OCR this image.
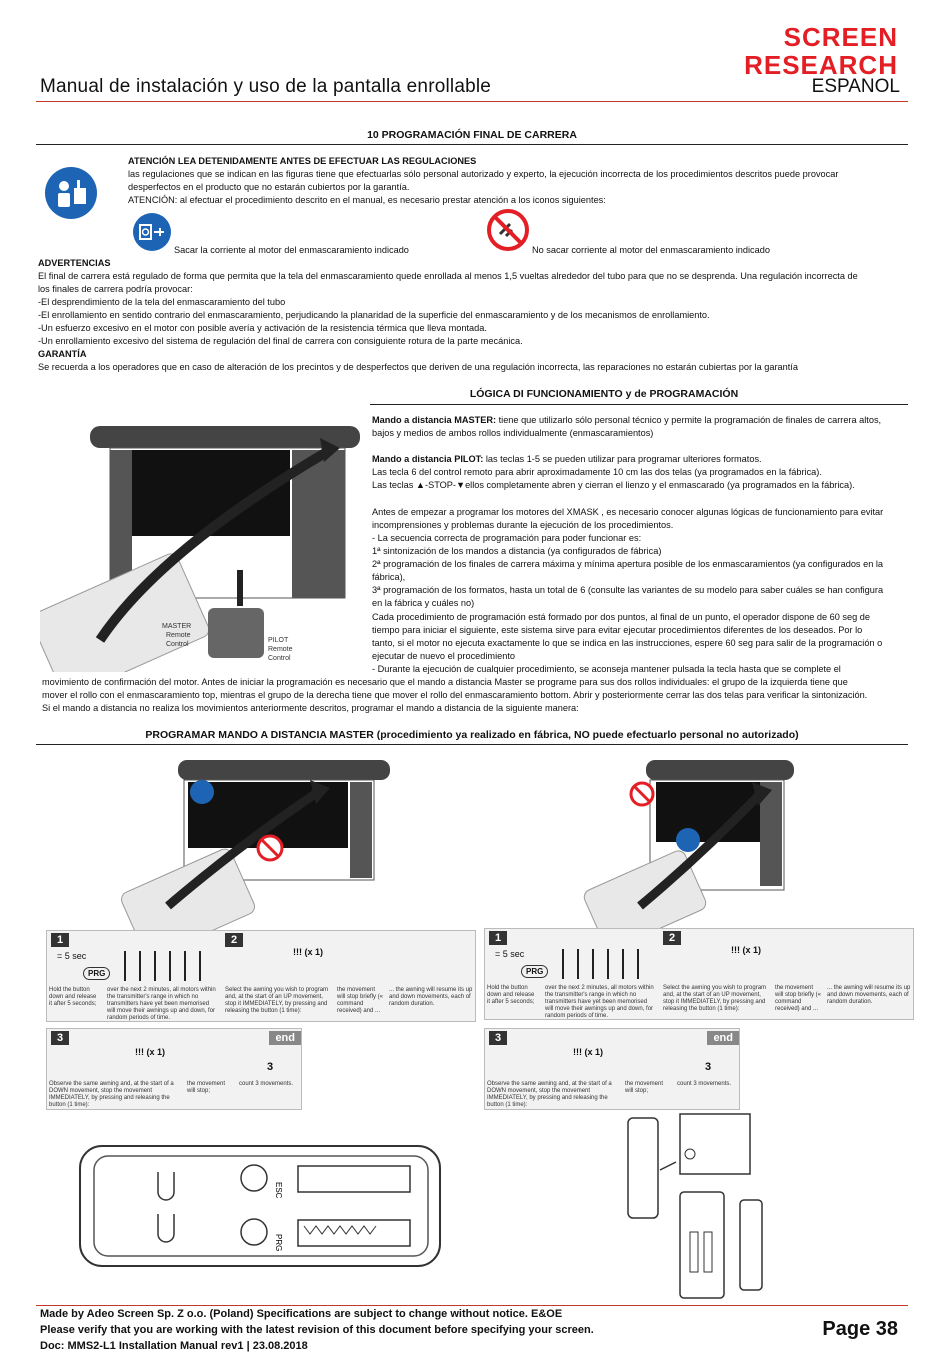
SCREEN
RESEARCH
Manual de instalación y uso de la pantalla enrollable	ESPANOL
10 PROGRAMACIÓN FINAL DE CARRERA
ATENCIÓN LEA DETENIDAMENTE ANTES DE EFECTUAR LAS REGULACIONES
las regulaciones que se indican en las figuras tiene que efectuarlas sólo personal autorizado y experto, la ejecución incorrecta de los procedimientos descritos puede provocar
desperfectos en el producto que no estarán cubiertos por la garantía.
ATENCIÓN: al efectuar el procedimiento descrito en el manual, es necesario prestar atención a los iconos siguientes:
Sacar la corriente al motor del enmascaramiento indicado	No sacar corriente al motor del enmascaramiento indicado
ADVERTENCIAS
El final de carrera está regulado de forma que permita que la tela del enmascaramiento quede enrollada al menos 1,5 vueltas alrededor del tubo para que no se desprenda. Una regulación incorrecta de
los finales de carrera podría provocar:
-El desprendimiento de la tela del enmascaramiento del tubo
-El enrollamiento en sentido contrario del enmascaramiento, perjudicando la planaridad de la superficie del enmascaramiento y de los mecanismos de enrollamiento.
-Un esfuerzo excesivo en el motor con posible avería y activación de la resistencia térmica que lleva montada.
-Un enrollamiento excesivo del sistema de regulación del final de carrera con consiguiente rotura de la parte mecánica.
GARANTÍA
Se recuerda a los operadores que en caso de alteración de los precintos y de desperfectos que deriven de una regulación incorrecta, las reparaciones no estarán cubiertas por la garantía
LÓGICA DI FUNCIONAMIENTO y de PROGRAMACIÓN
MASTER
Remote
Control
PILOT
Remote
Control
Mando a distancia MASTER: tiene que utilizarlo sólo personal técnico y permite la programación de finales de carrera altos,
bajos y medios de ambos rollos individualmente (enmascaramientos)
Mando a distancia PILOT: las teclas 1-5 se pueden utilizar para programar ulteriores formatos.
Las tecla 6 del control remoto para abrir aproximadamente 10 cm las dos telas (ya programados en la fábrica).
Las teclas ▲-STOP-▼ellos completamente abren y cierran el lienzo y el enmascarado (ya programados en la fábrica).
Antes de empezar a programar los motores del XMASK , es necesario conocer algunas lógicas de funcionamiento para evitar
incomprensiones y problemas durante la ejecución de los procedimientos.
- La secuencia correcta de programación para poder funcionar es:
1ª sintonización de los mandos a distancia (ya configurados de fábrica)
2ª programación de los finales de carrera máxima y mínima apertura posible de los enmascaramientos (ya configurados en la
fábrica),
3ª programación de los formatos, hasta un total de 6 (consulte las variantes de su modelo para saber cuáles se han configura
en la fábrica y cuáles no)
Cada procedimiento de programación está formado por dos puntos, al final de un punto, el operador dispone de 60 seg de
tiempo para iniciar el siguiente, este sistema sirve para evitar ejecutar procedimientos diferentes de los deseados. Por lo
tanto, si el motor no ejecuta exactamente lo que se indica en las instrucciones, espere 60 seg para salir de la programación o
ejecutar de nuevo el procedimiento
- Durante la ejecución de cualquier procedimiento, se aconseja mantener pulsada la tecla hasta que se complete el
movimiento de confirmación del motor. Antes de iniciar la programación es necesario que el mando a distancia Master se programe para sus dos rollos individuales: el grupo de la izquierda tiene que
mover el rollo con el enmascaramiento top, mientras el grupo de la derecha tiene que mover el rollo del enmascaramiento bottom. Abrir y posteriormente cerrar las dos telas para verificar la sintonización.
Si el mando a distancia no realiza los movimientos anteriormente descritos, programar el mando a distancia de la siguiente manera:
PROGRAMAR MANDO A DISTANCIA MASTER (procedimiento ya realizado en fábrica, NO puede efectuarlo personal no autorizado)
1	2
= 5 sec
PRG
!!! (x 1)
Hold the button down and release it after 5 seconds;
over the next 2 minutes, all motors within the transmitter's range in which no transmitters have yet been memorised will move their awnings up and down, for random periods of time.
Select the awning you wish to program and, at the start of an UP movement, stop it IMMEDIATELY, by pressing and releasing the button (1 time):
the movement will stop briefly (« command received) and ...
... the awning will resume its up and down movements, each of random duration.
3	end
!!! (x 1)
3
Observe the same awning and, at the start of a DOWN movement, stop the movement IMMEDIATELY, by pressing and releasing the button (1 time):
the movement will stop;
count 3 movements.
1	2
= 5 sec
PRG
!!! (x 1)
Hold the button down and release it after 5 seconds;
over the next 2 minutes, all motors within the transmitter's range in which no transmitters have yet been memorised will move their awnings up and down, for random periods of time.
Select the awning you wish to program and, at the start of an UP movement, stop it IMMEDIATELY, by pressing and releasing the button (1 time):
the movement will stop briefly (« command received) and ...
... the awning will resume its up and down movements, each of random duration.
3	end
!!! (x 1)
3
Observe the same awning and, at the start of a DOWN movement, stop the movement IMMEDIATELY, by pressing and releasing the button (1 time):
the movement will stop;
count 3 movements.
ESC
PRG
Made by Adeo Screen Sp. Z o.o. (Poland) Specifications are subject to change without notice. E&OE
Please verify that you are working with the latest revision of this document before specifying your screen.
Doc: MMS2-L1 Installation Manual rev1 | 23.08.2018
Page 38
